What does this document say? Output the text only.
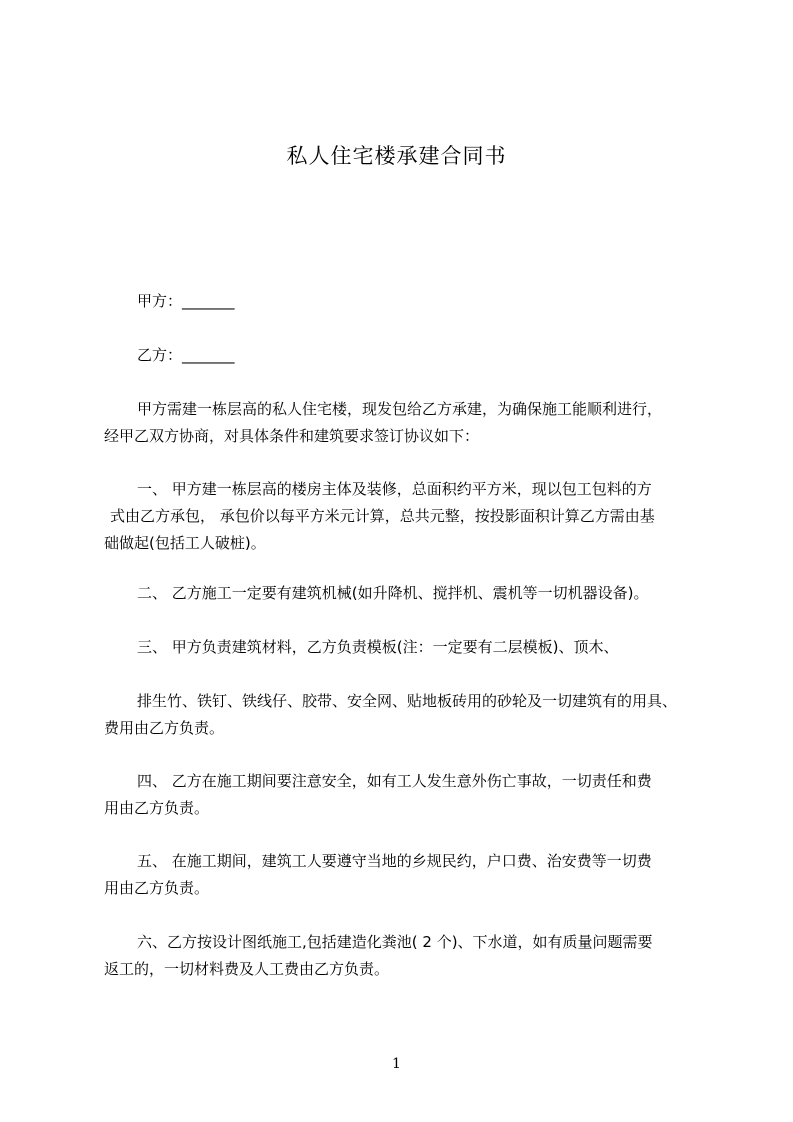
私人住宅楼承建合同书
甲方：_______
乙方：_______
甲方需建一栋层高的私人住宅楼，现发包给乙方承建，为确保施工能顺利进行，
经甲乙双方协商，对具体条件和建筑要求签订协议如下：
一、 甲方建一栋层高的楼房主体及装修，总面积约平方米，现以包工包料的方
式由乙方承包， 承包价以每平方米元计算，总共元整，按投影面积计算乙方需由基
础做起(包括工人破桩)。
二、 乙方施工一定要有建筑机械(如升降机、搅拌机、震机等一切机器设备)。
三、 甲方负责建筑材料，乙方负责模板(注：一定要有二层模板)、顶木、
排生竹、铁钉、铁线仔、胶带、安全网、贴地板砖用的砂轮及一切建筑有的用具、
费用由乙方负责。
四、 乙方在施工期间要注意安全，如有工人发生意外伤亡事故，一切责任和费
用由乙方负责。
五、 在施工期间，建筑工人要遵守当地的乡规民约，户口费、治安费等一切费
用由乙方负责。
六、乙方按设计图纸施工,包括建造化粪池( 2 个)、下水道，如有质量问题需要
返工的，一切材料费及人工费由乙方负责。
1
